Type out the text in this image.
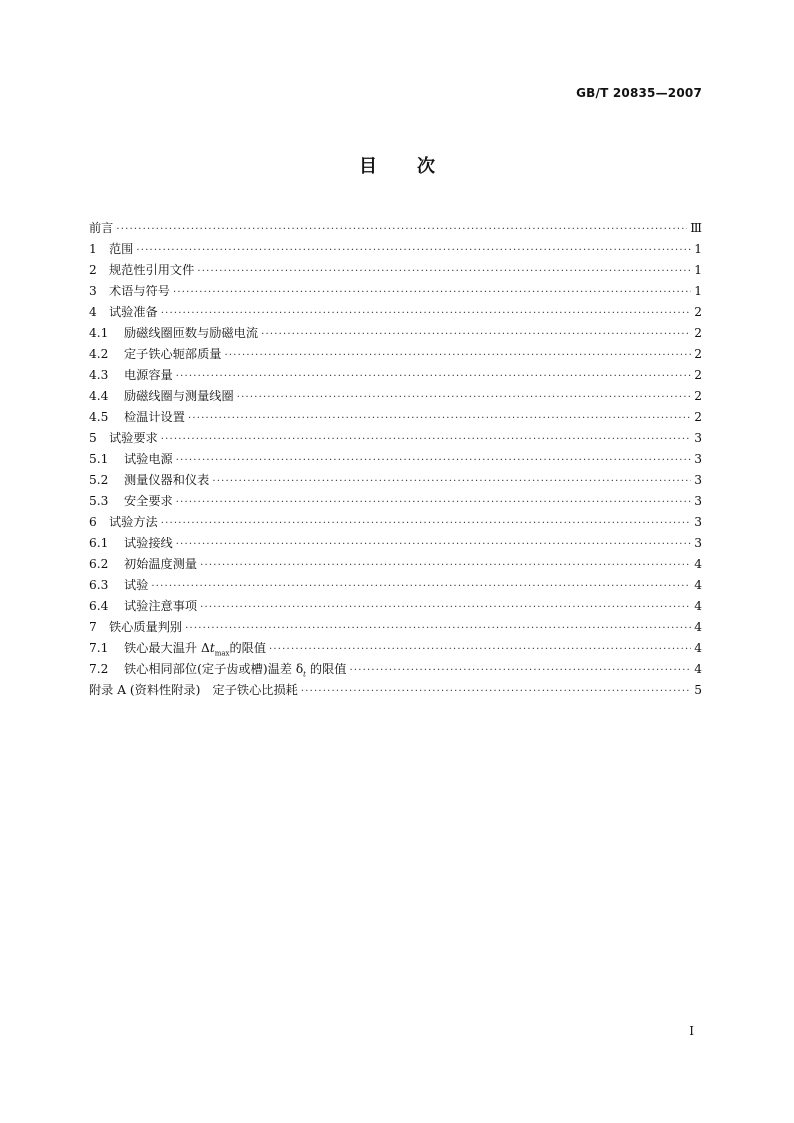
GB/T 20835—2007
目次
前言 ·····	Ⅲ
1	范围 ·····	1
2	规范性引用文件 ·····	1
3	术语与符号 ·····	1
4	试验准备 ·····	2
4.1	励磁线圈匝数与励磁电流 ·····	2
4.2	定子铁心轭部质量 ·····	2
4.3	电源容量 ·····	2
4.4	励磁线圈与测量线圈 ·····	2
4.5	检温计设置 ·····	2
5	试验要求 ·····	3
5.1	试验电源 ·····	3
5.2	测量仪器和仪表 ·····	3
5.3	安全要求 ·····	3
6	试验方法 ·····	3
6.1	试验接线 ·····	3
6.2	初始温度测量 ·····	4
6.3	试验 ·····	4
6.4	试验注意事项 ·····	4
7	铁心质量判别 ·····	4
7.1	铁心最大温升 $\Delta t_{max}$的限值 ·····	4
7.2	铁心相同部位(定子齿或槽)温差 $\delta_t$ 的限值 ·····	4
附录 A (资料性附录)　定子铁心比损耗 ·····	5
I
